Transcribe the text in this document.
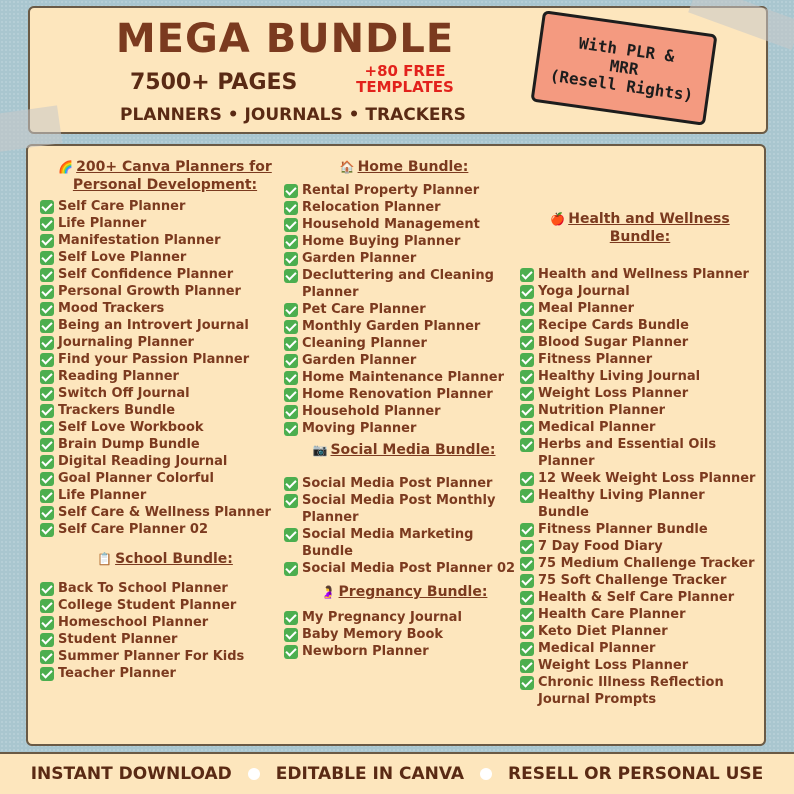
MEGA BUNDLE
7500+ PAGES	+80 FREE TEMPLATES
PLANNERS • JOURNALS • TRACKERS
With PLR &
MRR
(Resell Rights)
🌈 200+ Canva Planners for Personal Development:
Self Care Planner
Life Planner
Manifestation Planner
Self Love Planner
Self Confidence Planner
Personal Growth Planner
Mood Trackers
Being an Introvert Journal
Journaling Planner
Find your Passion Planner
Reading Planner
Switch Off Journal
Trackers Bundle
Self Love Workbook
Brain Dump Bundle
Digital Reading Journal
Goal Planner Colorful
Life Planner
Self Care & Wellness Planner
Self Care Planner 02
📋 School Bundle:
Back To School Planner
College Student Planner
Homeschool Planner
Student Planner
Summer Planner For Kids
Teacher Planner
🏠 Home Bundle:
Rental Property Planner
Relocation Planner
Household Management
Home Buying Planner
Garden Planner
Decluttering and Cleaning Planner
Pet Care Planner
Monthly Garden Planner
Cleaning Planner
Garden Planner
Home Maintenance Planner
Home Renovation Planner
Household Planner
Moving Planner
📷 Social Media Bundle:
Social Media Post Planner
Social Media Post Monthly Planner
Social Media Marketing Bundle
Social Media Post Planner 02
🤰 Pregnancy Bundle:
My Pregnancy Journal
Baby Memory Book
Newborn Planner
🍎 Health and Wellness Bundle:
Health and Wellness Planner
Yoga Journal
Meal Planner
Recipe Cards Bundle
Blood Sugar Planner
Fitness Planner
Healthy Living Journal
Weight Loss Planner
Nutrition Planner
Medical Planner
Herbs and Essential Oils Planner
12 Week Weight Loss Planner
Healthy Living Planner Bundle
Fitness Planner Bundle
7 Day Food Diary
75 Medium Challenge Tracker
75 Soft Challenge Tracker
Health & Self Care Planner
Health Care Planner
Keto Diet Planner
Medical Planner
Weight Loss Planner
Chronic Illness Reflection Journal Prompts
INSTANT DOWNLOAD	EDITABLE IN CANVA	RESELL OR PERSONAL USE
